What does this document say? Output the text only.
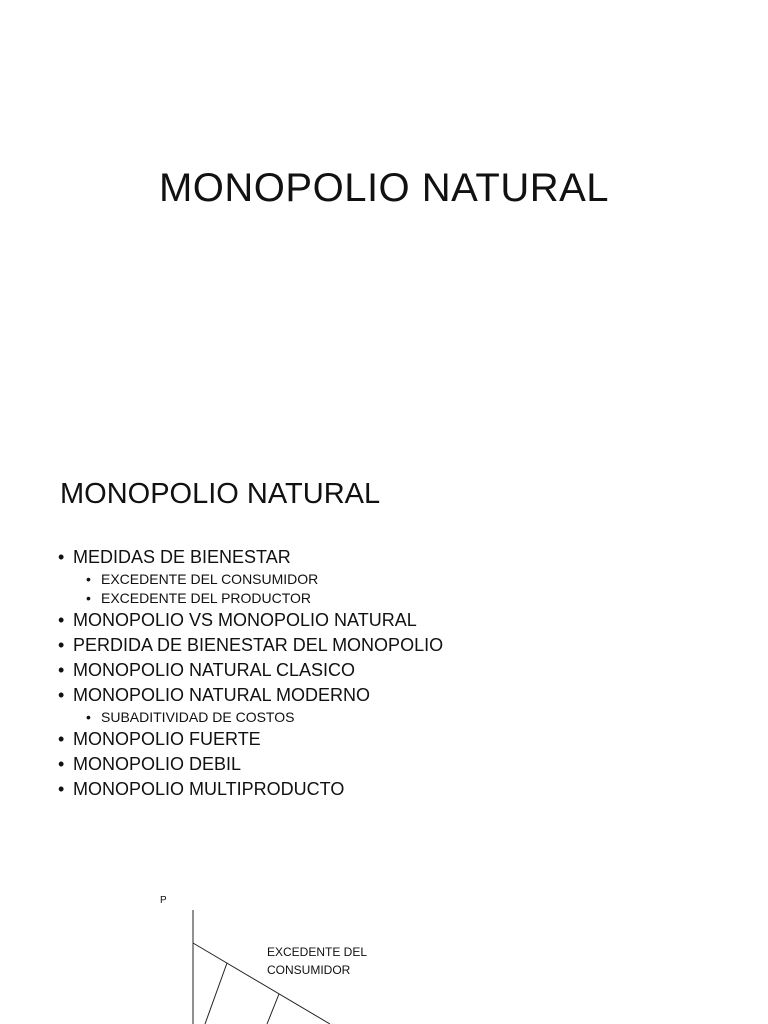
MONOPOLIO NATURAL
MONOPOLIO NATURAL
• MEDIDAS DE BIENESTAR
• EXCEDENTE DEL CONSUMIDOR
• EXCEDENTE DEL PRODUCTOR
• MONOPOLIO VS MONOPOLIO NATURAL
• PERDIDA DE BIENESTAR DEL MONOPOLIO
• MONOPOLIO NATURAL CLASICO
• MONOPOLIO NATURAL MODERNO
• SUBADITIVIDAD DE COSTOS
• MONOPOLIO FUERTE
• MONOPOLIO DEBIL
• MONOPOLIO MULTIPRODUCTO

P

EXCEDENTE DEL CONSUMIDOR
